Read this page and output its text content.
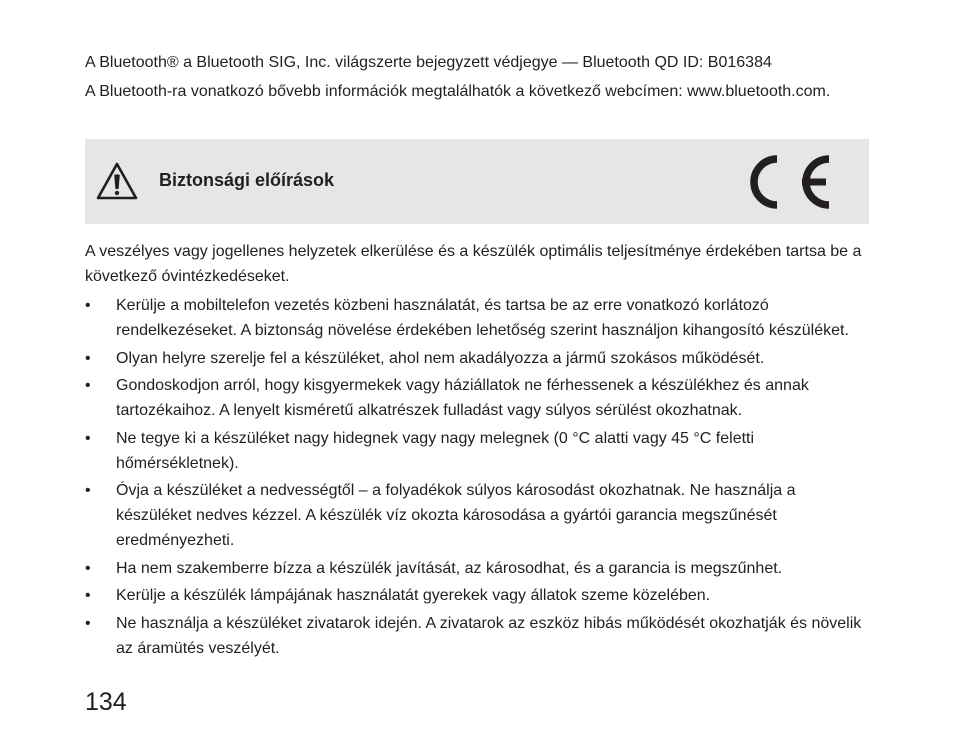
A Bluetooth® a Bluetooth SIG, Inc. világszerte bejegyzett védjegye — Bluetooth QD ID: B016384

A Bluetooth-ra vonatkozó bővebb információk megtalálhatók a következő webcímen: www.bluetooth.com.

Biztonsági előírások

A veszélyes vagy jogellenes helyzetek elkerülése és a készülék optimális teljesítménye érdekében tartsa be a következő óvintézkedéseket.

• Kerülje a mobiltelefon vezetés közbeni használatát, és tartsa be az erre vonatkozó korlátozó rendelkezéseket. A biztonság növelése érdekében lehetőség szerint használjon kihangosító készüléket.
• Olyan helyre szerelje fel a készüléket, ahol nem akadályozza a jármű szokásos működését.
• Gondoskodjon arról, hogy kisgyermekek vagy háziállatok ne férhessenek a készülékhez és annak tartozékaihoz. A lenyelt kisméretű alkatrészek fulladást vagy súlyos sérülést okozhatnak.
• Ne tegye ki a készüléket nagy hidegnek vagy nagy melegnek (0 °C alatti vagy 45 °C feletti hőmérsékletnek).
• Óvja a készüléket a nedvességtől – a folyadékok súlyos károsodást okozhatnak. Ne használja a készüléket nedves kézzel. A készülék víz okozta károsodása a gyártói garancia megszűnését eredményezheti.
• Ha nem szakemberre bízza a készülék javítását, az károsodhat, és a garancia is megszűnhet.
• Kerülje a készülék lámpájának használatát gyerekek vagy állatok szeme közelében.
• Ne használja a készüléket zivatarok idején. A zivatarok az eszköz hibás működését okozhatják és növelik az áramütés veszélyét.
134
